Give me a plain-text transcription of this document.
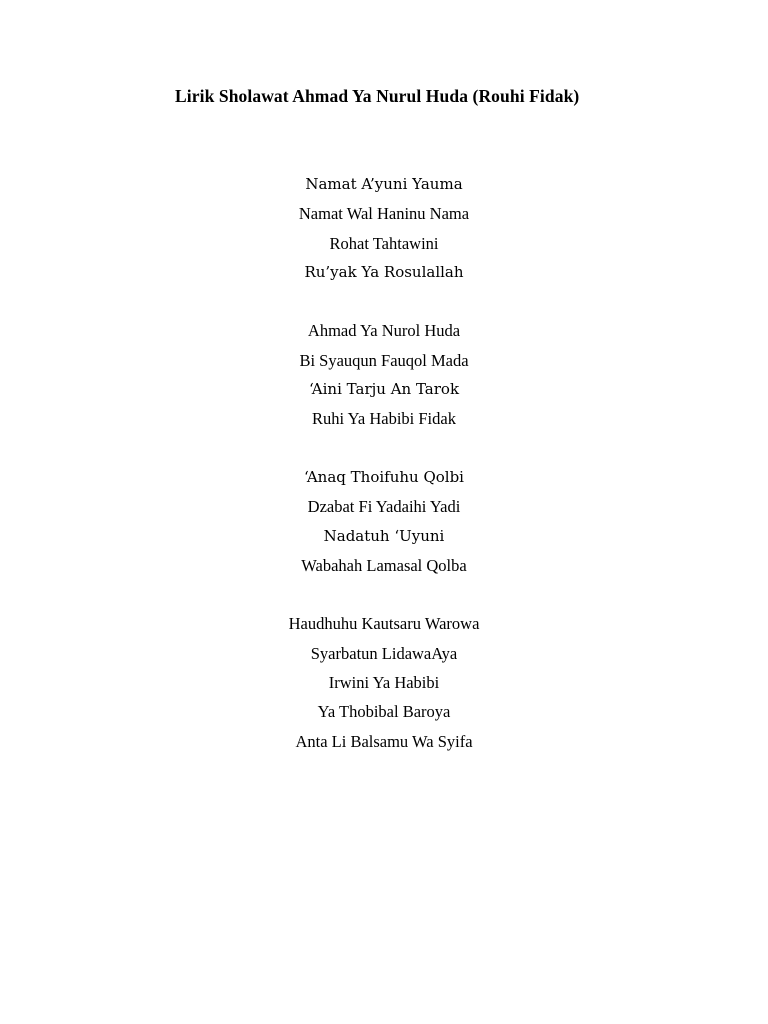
Lirik Sholawat Ahmad Ya Nurul Huda (Rouhi Fidak)
Namat A’yuni Yauma
Namat Wal Haninu Nama
Rohat Tahtawini
Ru’yak Ya Rosulallah
Ahmad Ya Nurol Huda
Bi Syauqun Fauqol Mada
‘Aini Tarju An Tarok
Ruhi Ya Habibi Fidak
‘Anaq Thoifuhu Qolbi
Dzabat Fi Yadaihi Yadi
Nadatuh ‘Uyuni
Wabahah Lamasal Qolba
Haudhuhu Kautsaru Warowa
Syarbatun LidawaAya
Irwini Ya Habibi
Ya Thobibal Baroya
Anta Li Balsamu Wa Syifa
